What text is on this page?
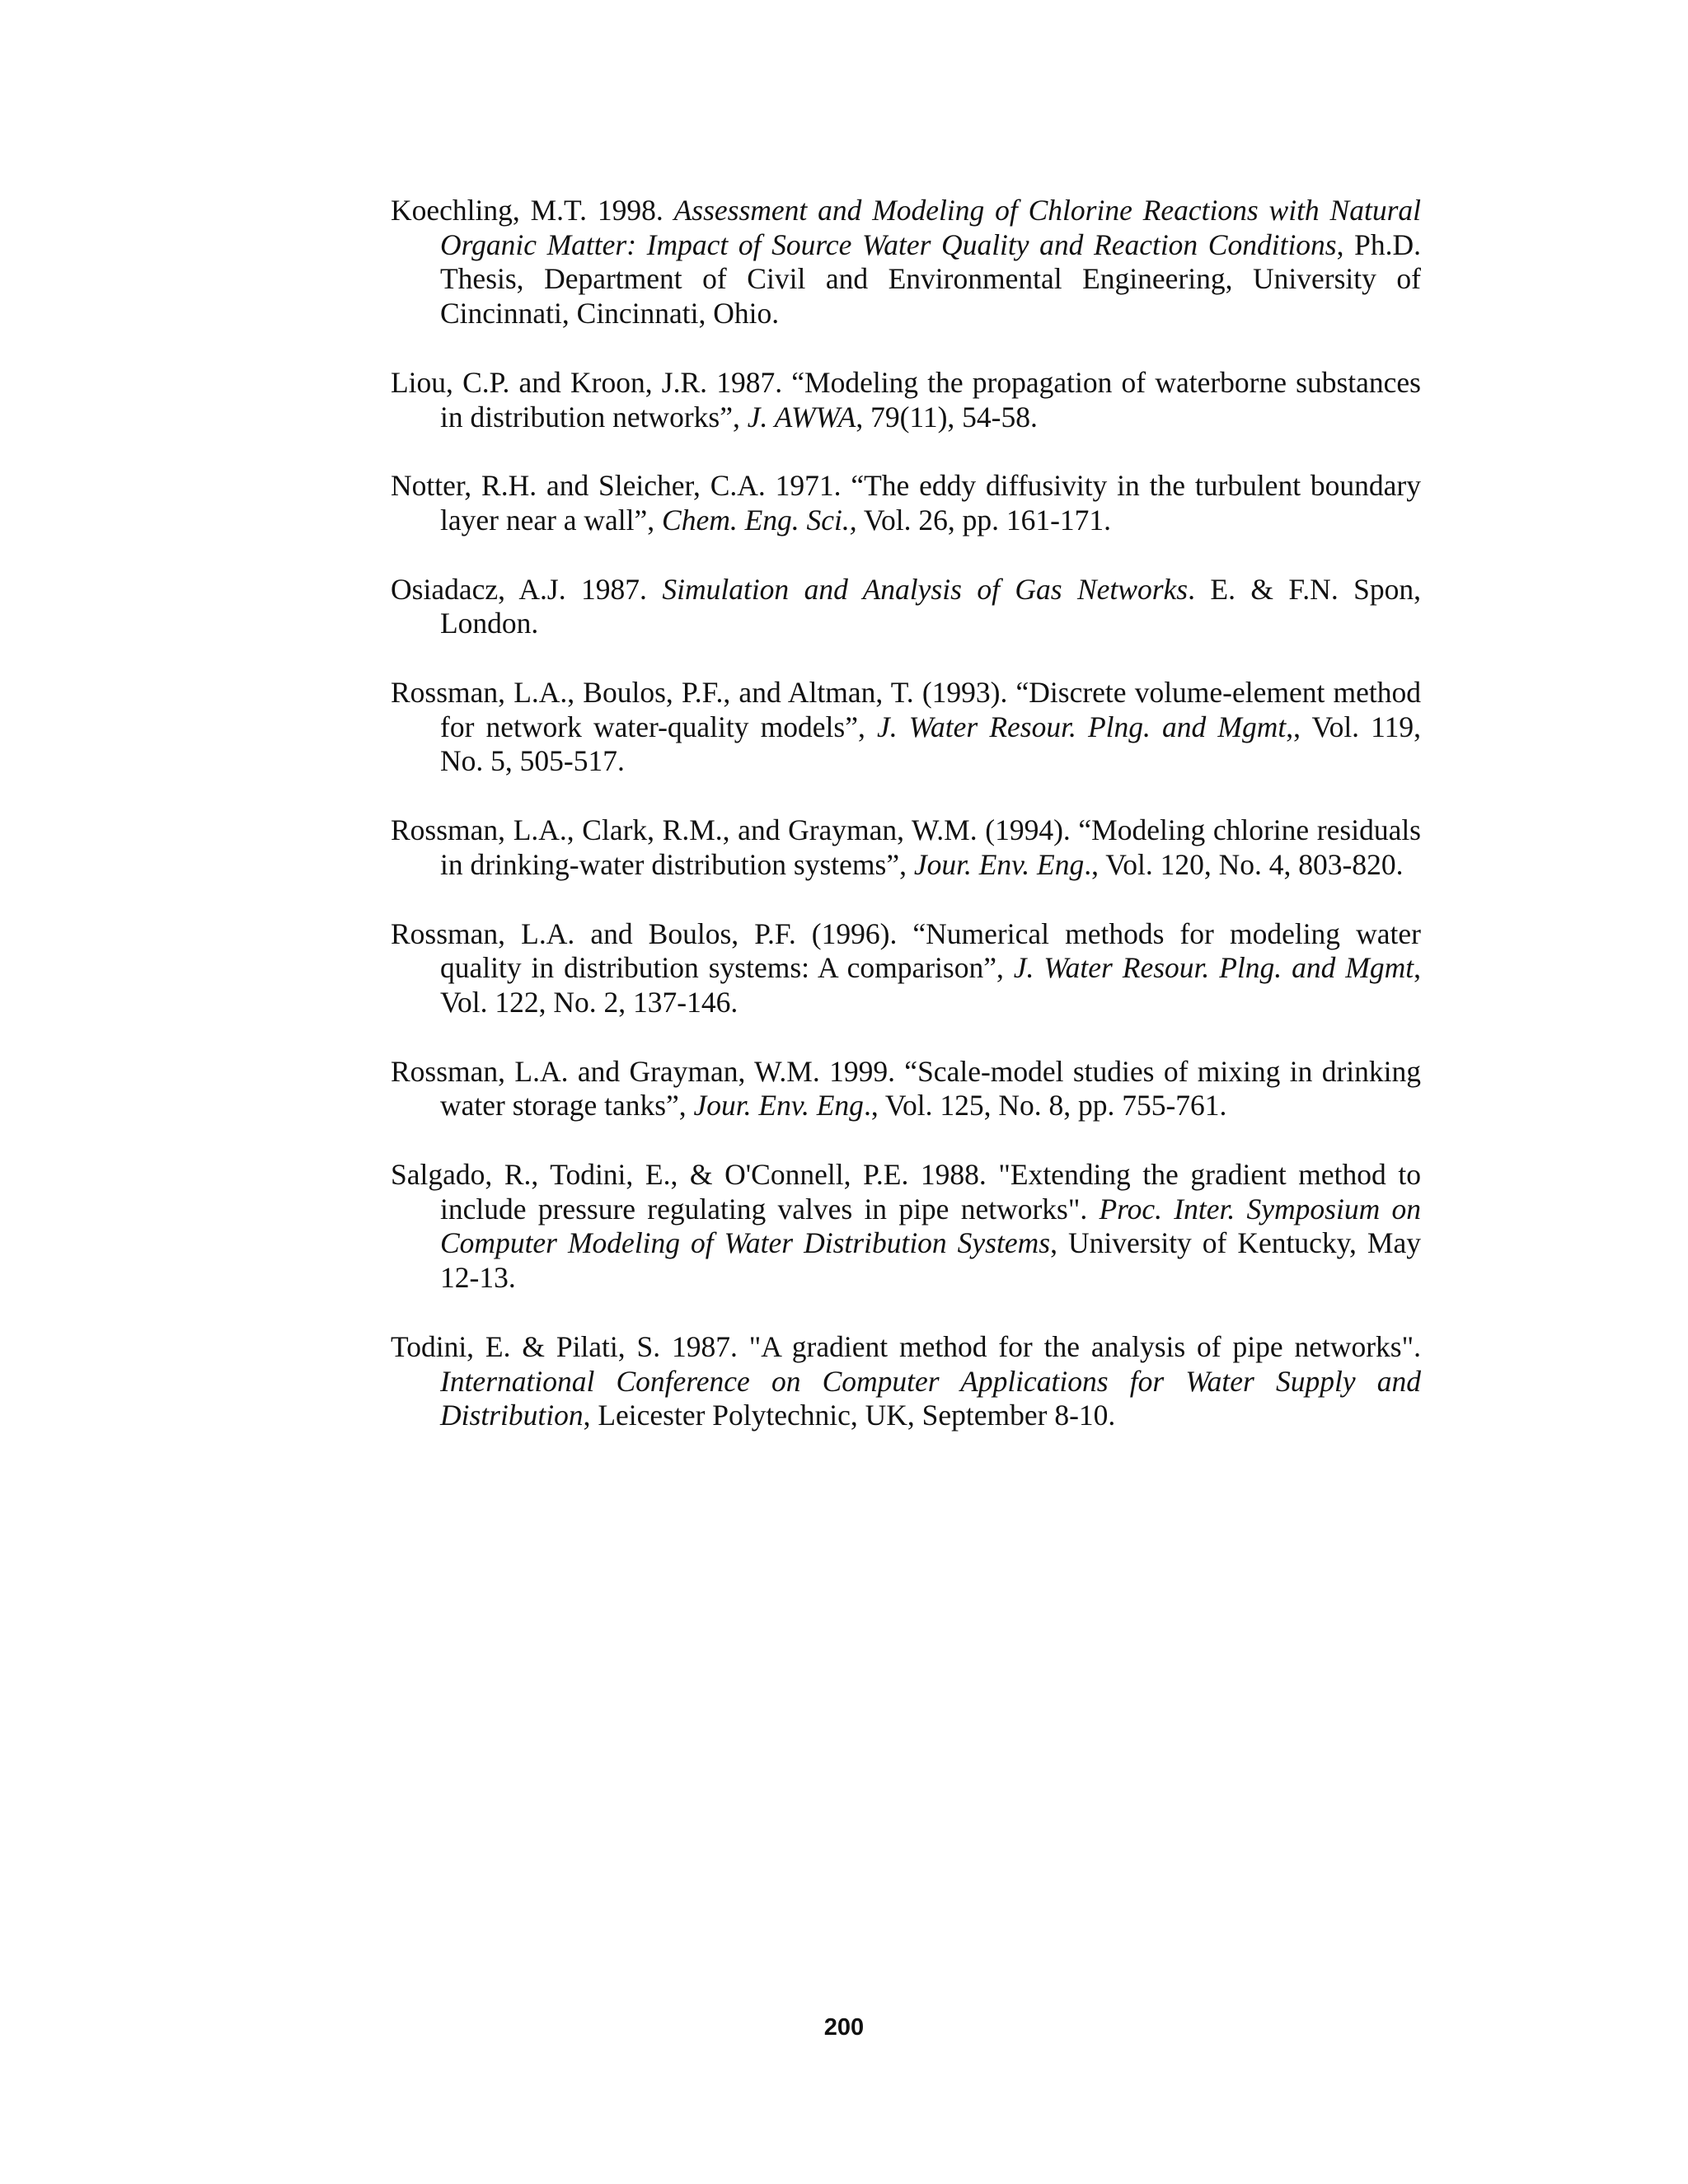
Koechling, M.T. 1998. Assessment and Modeling of Chlorine Reactions with Natural Organic Matter: Impact of Source Water Quality and Reaction Conditions, Ph.D. Thesis, Department of Civil and Environmental Engineering, University of Cincinnati, Cincinnati, Ohio.
Liou, C.P. and Kroon, J.R. 1987. “Modeling the propagation of waterborne substances in distribution networks”, J. AWWA, 79(11), 54-58.
Notter, R.H. and Sleicher, C.A. 1971. “The eddy diffusivity in the turbulent boundary layer near a wall”, Chem. Eng. Sci., Vol. 26, pp. 161-171.
Osiadacz, A.J. 1987. Simulation and Analysis of Gas Networks. E. & F.N. Spon, London.
Rossman, L.A., Boulos, P.F., and Altman, T. (1993). “Discrete volume-element method for network water-quality models”, J. Water Resour. Plng. and Mgmt,, Vol. 119, No. 5, 505-517.
Rossman, L.A., Clark, R.M., and Grayman, W.M. (1994). “Modeling chlorine residuals in drinking-water distribution systems”, Jour. Env. Eng., Vol. 120, No. 4, 803-820.
Rossman, L.A. and Boulos, P.F. (1996). “Numerical methods for modeling water quality in distribution systems: A comparison”, J. Water Resour. Plng. and Mgmt, Vol. 122, No. 2, 137-146.
Rossman, L.A. and Grayman, W.M. 1999. “Scale-model studies of mixing in drinking water storage tanks”, Jour. Env. Eng., Vol. 125, No. 8, pp. 755-761.
Salgado, R., Todini, E., & O'Connell, P.E. 1988. "Extending the gradient method to include pressure regulating valves in pipe networks". Proc. Inter. Symposium on Computer Modeling of Water Distribution Systems, University of Kentucky, May 12-13.
Todini, E. & Pilati, S. 1987. "A gradient method for the analysis of pipe networks". International Conference on Computer Applications for Water Supply and Distribution, Leicester Polytechnic, UK, September 8-10.
200
